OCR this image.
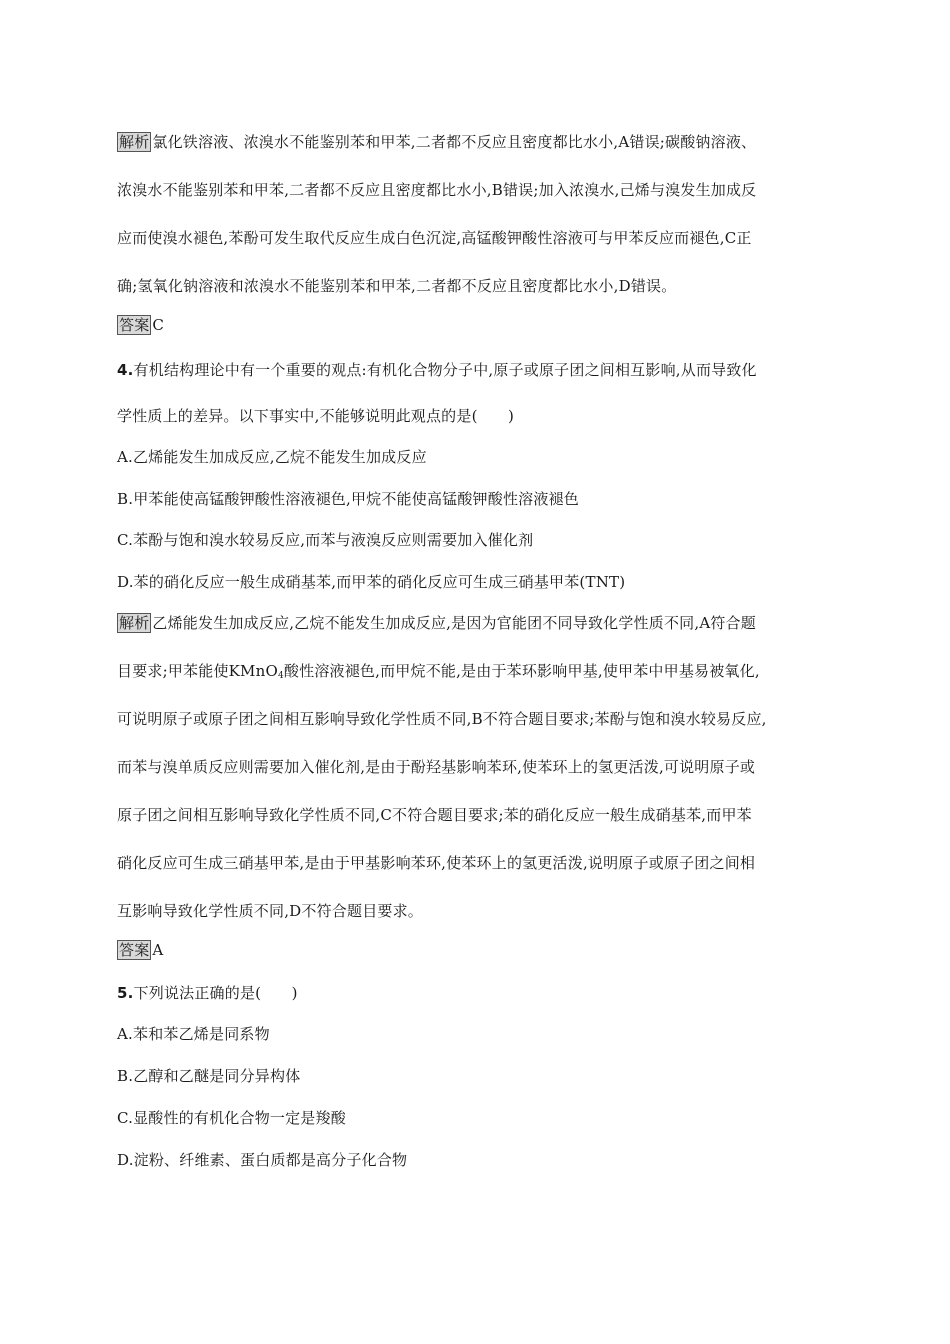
解析 氯化铁溶液、浓溴水不能鉴别苯和甲苯,二者都不反应且密度都比水小,A错误;碳酸钠溶液、
浓溴水不能鉴别苯和甲苯,二者都不反应且密度都比水小,B错误;加入浓溴水,己烯与溴发生加成反
应而使溴水褪色,苯酚可发生取代反应生成白色沉淀,高锰酸钾酸性溶液可与甲苯反应而褪色,C正
确;氢氧化钠溶液和浓溴水不能鉴别苯和甲苯,二者都不反应且密度都比水小,D错误。
答案 C
4.有机结构理论中有一个重要的观点:有机化合物分子中,原子或原子团之间相互影响,从而导致化
学性质上的差异。以下事实中,不能够说明此观点的是(　　)
A.乙烯能发生加成反应,乙烷不能发生加成反应
B.甲苯能使高锰酸钾酸性溶液褪色,甲烷不能使高锰酸钾酸性溶液褪色
C.苯酚与饱和溴水较易反应,而苯与液溴反应则需要加入催化剂
D.苯的硝化反应一般生成硝基苯,而甲苯的硝化反应可生成三硝基甲苯(TNT)
解析 乙烯能发生加成反应,乙烷不能发生加成反应,是因为官能团不同导致化学性质不同,A符合题
目要求;甲苯能使KMnO$_4$酸性溶液褪色,而甲烷不能,是由于苯环影响甲基,使甲苯中甲基易被氧化,
可说明原子或原子团之间相互影响导致化学性质不同,B不符合题目要求;苯酚与饱和溴水较易反应,
而苯与溴单质反应则需要加入催化剂,是由于酚羟基影响苯环,使苯环上的氢更活泼,可说明原子或
原子团之间相互影响导致化学性质不同,C不符合题目要求;苯的硝化反应一般生成硝基苯,而甲苯
硝化反应可生成三硝基甲苯,是由于甲基影响苯环,使苯环上的氢更活泼,说明原子或原子团之间相
互影响导致化学性质不同,D不符合题目要求。
答案 A
5.下列说法正确的是(　　)
A.苯和苯乙烯是同系物
B.乙醇和乙醚是同分异构体
C.显酸性的有机化合物一定是羧酸
D.淀粉、纤维素、蛋白质都是高分子化合物
